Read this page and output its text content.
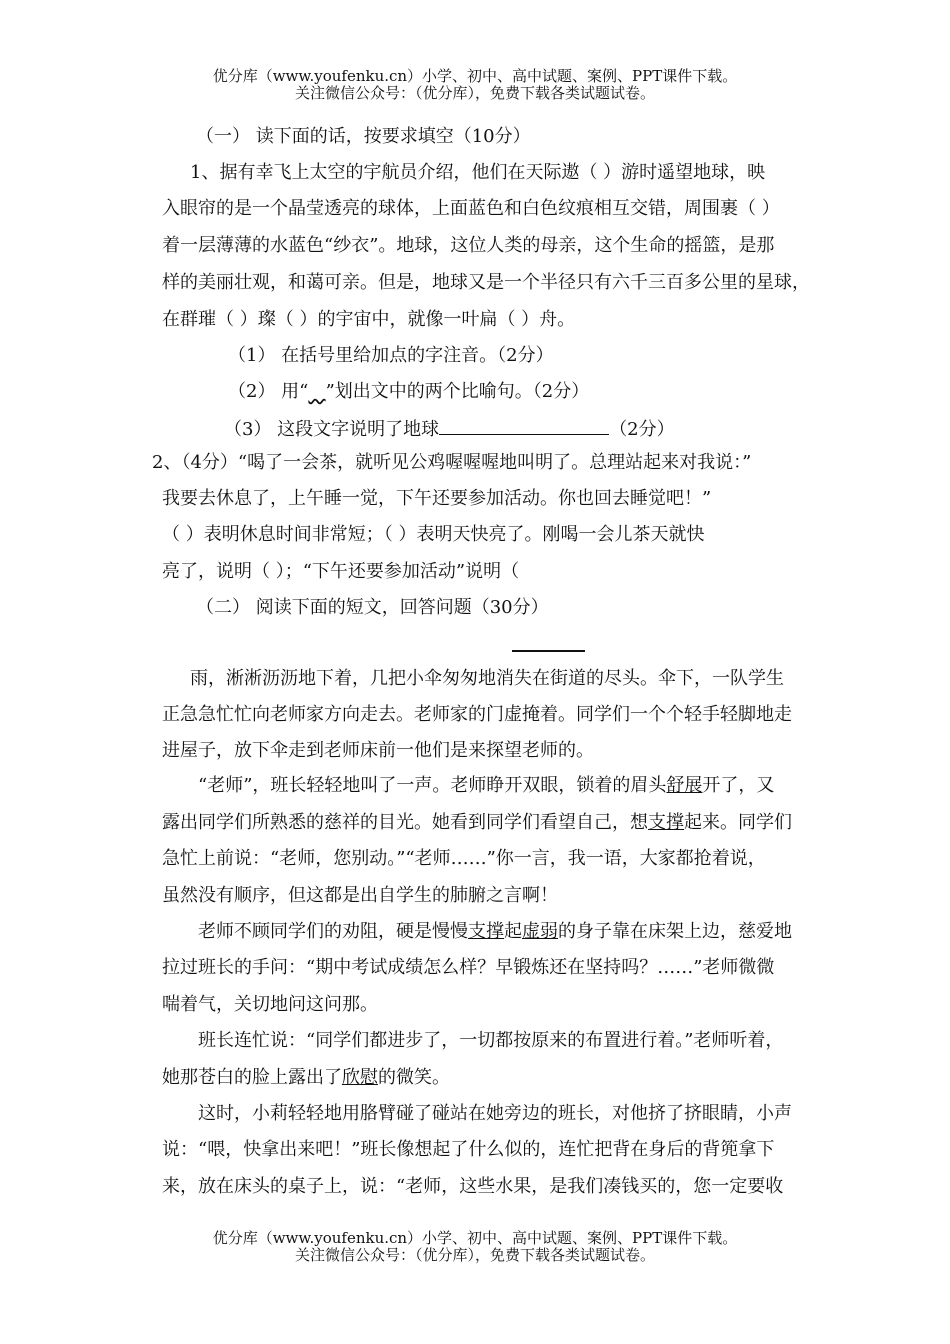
优分库（www.youfenku.cn）小学、初中、高中试题、案例、PPT课件下载。
关注微信公众号：（优分库），免费下载各类试题试卷。
（一） 读下面的话，按要求填空（10分）
1、据有幸飞上太空的宇航员介绍，他们在天际遨（ ）游时遥望地球，映
入眼帘的是一个晶莹透亮的球体，上面蓝色和白色纹痕相互交错，周围裹（ ）
着一层薄薄的水蓝色“纱衣”。地球，这位人类的母亲，这个生命的摇篮，是那
样的美丽壮观，和蔼可亲。但是，地球又是一个半径只有六千三百多公里的星球，
在群璀（ ）璨（ ）的宇宙中，就像一叶扁（ ）舟。
（1） 在括号里给加点的字注音。（2分）
（2） 用“ ”划出文中的两个比喻句。（2分）
（3） 这段文字说明了地球	（2分）
2、（4分）“喝了一会茶，就听见公鸡喔喔喔地叫明了。总理站起来对我说：”
我要去休息了，上午睡一觉，下午还要参加活动。你也回去睡觉吧！”
（ ）表明休息时间非常短；（ ）表明天快亮了。刚喝一会儿茶天就快
亮了，说明（ ）；“下午还要参加活动”说明（
（二） 阅读下面的短文，回答问题（30分）
雨，淅淅沥沥地下着，几把小伞匆匆地消失在街道的尽头。伞下，一队学生
正急急忙忙向老师家方向走去。老师家的门虚掩着。同学们一个个轻手轻脚地走
进屋子，放下伞走到老师床前一他们是来探望老师的。
“老师”，班长轻轻地叫了一声。老师睁开双眼，锁着的眉头舒展开了，又
露出同学们所熟悉的慈祥的目光。她看到同学们看望自己，想支撑起来。同学们
急忙上前说：“老师，您别动。”“老师……”你一言，我一语，大家都抢着说，
虽然没有顺序，但这都是出自学生的肺腑之言啊！
老师不顾同学们的劝阻，硬是慢慢支撑起虚弱的身子靠在床架上边，慈爱地
拉过班长的手问：“期中考试成绩怎么样？早锻炼还在坚持吗？……”老师微微
喘着气，关切地问这问那。
班长连忙说：“同学们都进步了，一切都按原来的布置进行着。”老师听着，
她那苍白的脸上露出了欣慰的微笑。
这时，小莉轻轻地用胳臂碰了碰站在她旁边的班长，对他挤了挤眼睛，小声
说：“喂，快拿出来吧！”班长像想起了什么似的，连忙把背在身后的背篼拿下
来，放在床头的桌子上，说：“老师，这些水果，是我们凑钱买的，您一定要收
优分库（www.youfenku.cn）小学、初中、高中试题、案例、PPT课件下载。
关注微信公众号：（优分库），免费下载各类试题试卷。
